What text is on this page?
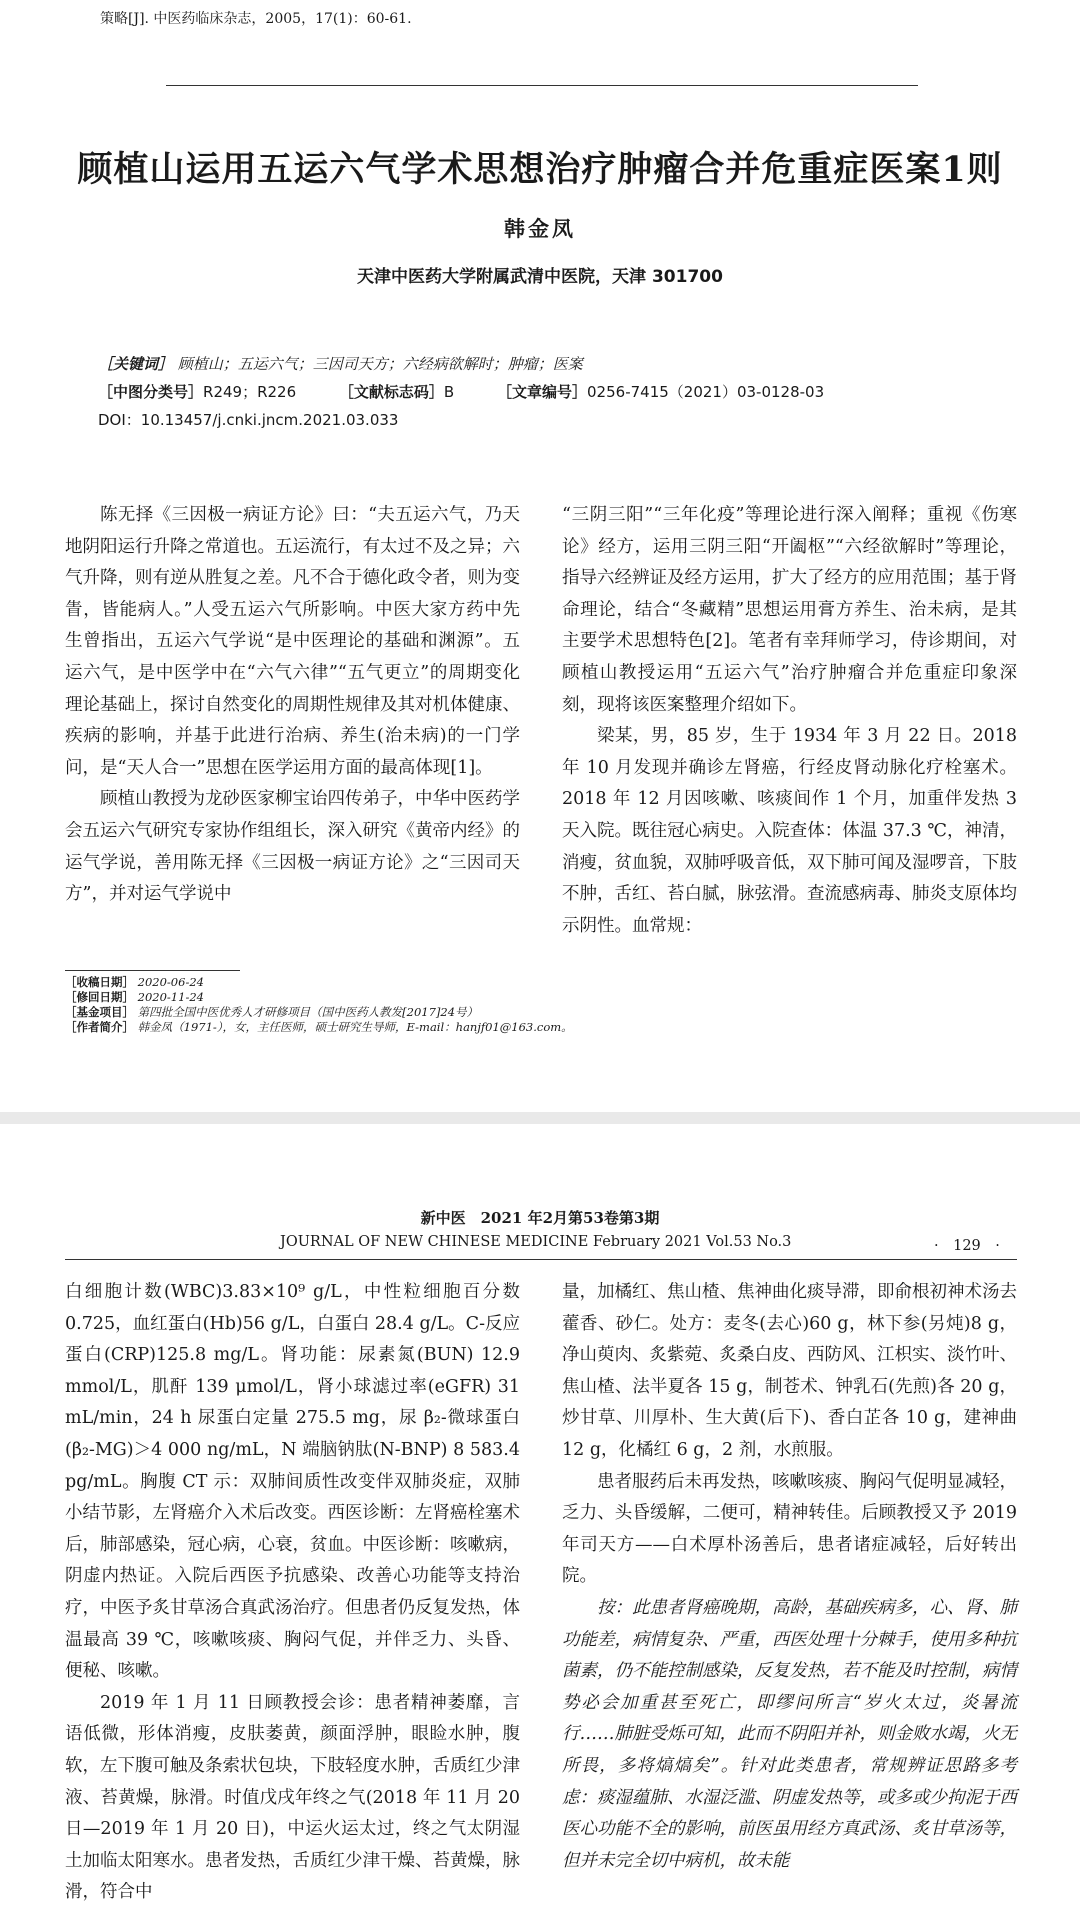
策略[J]. 中医药临床杂志，2005，17(1)：60-61.
顾植山运用五运六气学术思想治疗肿瘤合并危重症医案1则
韩金凤
天津中医药大学附属武清中医院，天津 301700
［关键词］ 顾植山；五运六气；三因司天方；六经病欲解时；肿瘤；医案
［中图分类号］R249；R226	［文献标志码］B	［文章编号］0256-7415（2021）03-0128-03
DOI：10.13457/j.cnki.jncm.2021.03.033

陈无择《三因极一病证方论》曰：“夫五运六气，乃天地阴阳运行升降之常道也。五运流行，有太过不及之异；六气升降，则有逆从胜复之差。凡不合于德化政令者，则为变眚，皆能病人。”人受五运六气所影响。中医大家方药中先生曾指出，五运六气学说“是中医理论的基础和渊源”。五运六气，是中医学中在“六气六律”“五气更立”的周期变化理论基础上，探讨自然变化的周期性规律及其对机体健康、疾病的影响，并基于此进行治病、养生(治未病)的一门学问，是“天人合一”思想在医学运用方面的最高体现[1]。

顾植山教授为龙砂医家柳宝诒四传弟子，中华中医药学会五运六气研究专家协作组组长，深入研究《黄帝内经》的运气学说，善用陈无择《三因极一病证方论》之“三因司天方”，并对运气学说中

“三阴三阳”“三年化疫”等理论进行深入阐释；重视《伤寒论》经方，运用三阴三阳“开阖枢”“六经欲解时”等理论，指导六经辨证及经方运用，扩大了经方的应用范围；基于肾命理论，结合“冬藏精”思想运用膏方养生、治未病，是其主要学术思想特色[2]。笔者有幸拜师学习，侍诊期间，对顾植山教授运用“五运六气”治疗肿瘤合并危重症印象深刻，现将该医案整理介绍如下。

梁某，男，85 岁，生于 1934 年 3 月 22 日。2018 年 10 月发现并确诊左肾癌，行经皮肾动脉化疗栓塞术。2018 年 12 月因咳嗽、咳痰间作 1 个月，加重伴发热 3 天入院。既往冠心病史。入院查体：体温 37.3 ℃，神清，消瘦，贫血貌，双肺呼吸音低，双下肺可闻及湿啰音，下肢不肿，舌红、苔白腻，脉弦滑。查流感病毒、肺炎支原体均示阴性。血常规：

［收稿日期］ 2020-06-24
［修回日期］ 2020-11-24
［基金项目］ 第四批全国中医优秀人才研修项目（国中医药人教发[2017]24号）
［作者简介］ 韩金凤（1971-），女，主任医师，硕士研究生导师，E-mail：hanjf01@163.com。
新中医　2021 年2月第53卷第3期
JOURNAL OF NEW CHINESE MEDICINE February 2021 Vol.53 No.3	·　129　·

白细胞计数(WBC)3.83×10⁹ g/L，中性粒细胞百分数 0.725，血红蛋白(Hb)56 g/L，白蛋白 28.4 g/L。C-反应蛋白(CRP)125.8 mg/L。肾功能：尿素氮(BUN) 12.9 mmol/L，肌酐 139 μmol/L，肾小球滤过率(eGFR) 31 mL/min，24 h 尿蛋白定量 275.5 mg，尿 β₂-微球蛋白(β₂-MG)＞4 000 ng/mL，N 端脑钠肽(N-BNP) 8 583.4 pg/mL。胸腹 CT 示：双肺间质性改变伴双肺炎症，双肺小结节影，左肾癌介入术后改变。西医诊断：左肾癌栓塞术后，肺部感染，冠心病，心衰，贫血。中医诊断：咳嗽病，阴虚内热证。入院后西医予抗感染、改善心功能等支持治疗，中医予炙甘草汤合真武汤治疗。但患者仍反复发热，体温最高 39 ℃，咳嗽咳痰、胸闷气促，并伴乏力、头昏、便秘、咳嗽。

2019 年 1 月 11 日顾教授会诊：患者精神萎靡，言语低微，形体消瘦，皮肤萎黄，颜面浮肿，眼睑水肿，腹软，左下腹可触及条索状包块，下肢轻度水肿，舌质红少津液、苔黄燥，脉滑。时值戊戌年终之气(2018 年 11 月 20 日—2019 年 1 月 20 日)，中运火运太过，终之气太阴湿土加临太阳寒水。患者发热，舌质红少津干燥、苔黄燥，脉滑，符合中

量，加橘红、焦山楂、焦神曲化痰导滞，即俞根初神术汤去藿香、砂仁。处方：麦冬(去心)60 g，林下参(另炖)8 g，净山萸肉、炙紫菀、炙桑白皮、西防风、江枳实、淡竹叶、焦山楂、法半夏各 15 g，制苍术、钟乳石(先煎)各 20 g，炒甘草、川厚朴、生大黄(后下)、香白芷各 10 g，建神曲 12 g，化橘红 6 g，2 剂，水煎服。

患者服药后未再发热，咳嗽咳痰、胸闷气促明显减轻，乏力、头昏缓解，二便可，精神转佳。后顾教授又予 2019 年司天方——白术厚朴汤善后，患者诸症减轻，后好转出院。

按：此患者肾癌晚期，高龄，基础疾病多，心、肾、肺功能差，病情复杂、严重，西医处理十分棘手，使用多种抗菌素，仍不能控制感染，反复发热，若不能及时控制，病情势必会加重甚至死亡，即缪问所言“岁火太过，炎暑流行……肺脏受烁可知，此而不阴阳并补，则金败水竭，火无所畏，多将熇熇矣”。针对此类患者，常规辨证思路多考虑：痰湿蕴肺、水湿泛滥、阴虚发热等，或多或少拘泥于西医心功能不全的影响，前医虽用经方真武汤、炙甘草汤等，但并未完全切中病机，故未能
